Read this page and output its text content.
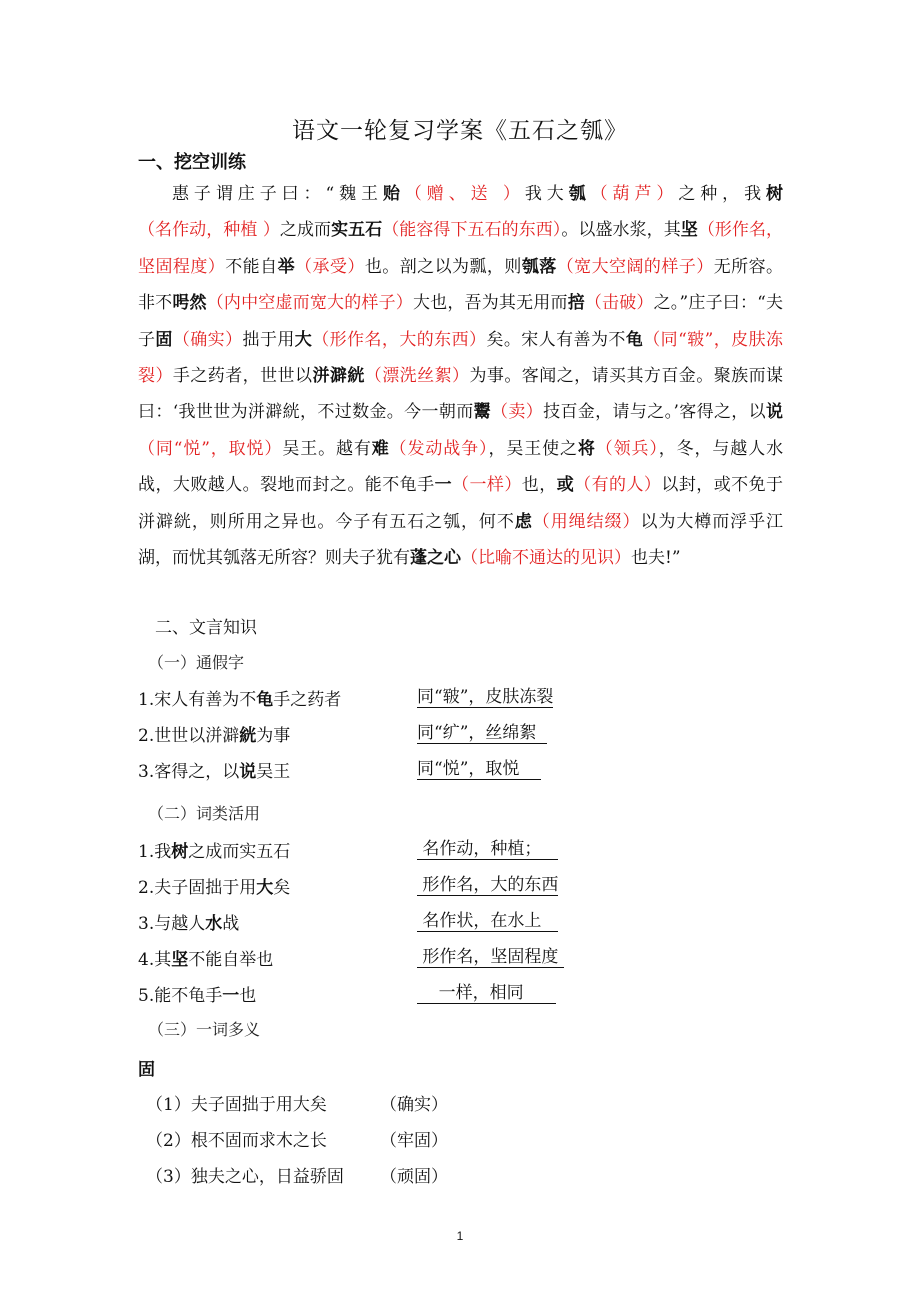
语文一轮复习学案《五石之瓠》
一、挖空训练
惠子谓庄子曰：“魏王贻（赠、送 ）我大瓠（葫芦）之种，我树（名作动，种植 ）之成而实五石（能容得下五石的东西）。以盛水浆，其坚（形作名，坚固程度）不能自举（承受）也。剖之以为瓢，则瓠落（宽大空阔的样子）无所容。非不呺然（内中空虚而宽大的样子）大也，吾为其无用而掊（击破）之。”庄子曰：“夫子固（确实）拙于用大（形作名，大的东西）矣。宋人有善为不龟（同“皲”，皮肤冻裂）手之药者，世世以洴澼絖（漂洗丝絮）为事。客闻之，请买其方百金。聚族而谋曰：‘我世世为洴澼絖，不过数金。今一朝而鬻（卖）技百金，请与之。’客得之，以说（同“悦”，取悦）吴王。越有难（发动战争），吴王使之将（领兵），冬，与越人水战，大败越人。裂地而封之。能不龟手一（一样）也，或（有的人）以封，或不免于洴澼絖，则所用之异也。今子有五石之瓠，何不虑（用绳结缀）以为大樽而浮乎江湖，而忧其瓠落无所容？则夫子犹有蓬之心（比喻不通达的见识）也夫!”
二、文言知识
（一）通假字
1.宋人有善为不龟手之药者	同“皲”，皮肤冻裂
2.世世以洴澼絖为事	同“纩”，丝绵絮
3.客得之，以说吴王	同“悦”，取悦
（二）词类活用
1.我树之成而实五石	名作动，种植；
2.夫子固拙于用大矣	形作名，大的东西
3.与越人水战	名作状，在水上
4.其坚不能自举也	形作名，坚固程度
5.能不龟手一也	一样，相同
（三）一词多义
固
（1）夫子固拙于用大矣	（确实）
（2）根不固而求木之长	（牢固）
（3）独夫之心，日益骄固 （顽固）
1
